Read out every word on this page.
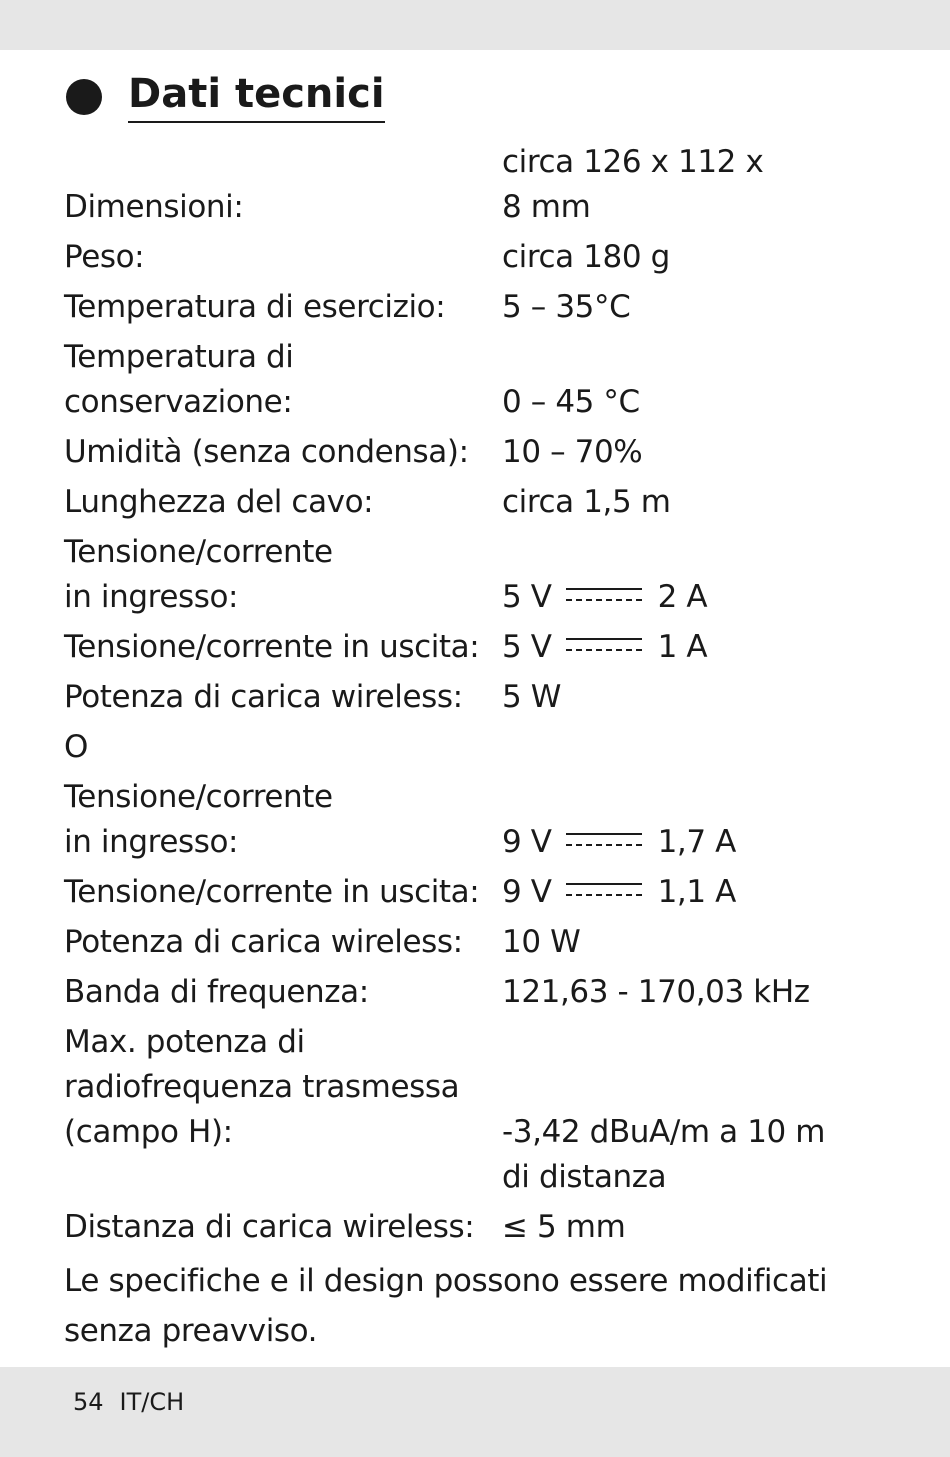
Dati tecnici
Dimensioni:
circa 126 x 112 x
8 mm
Peso:	circa 180 g
Temperatura di esercizio:	5 – 35°C
Temperatura di
conservazione:	0 – 45 °C
Umidità (senza condensa):	10 – 70%
Lunghezza del cavo:	circa 1,5 m
Tensione/corrente
in ingresso:	5 V	2 A
Tensione/corrente in uscita: 5 V	1 A
Potenza di carica wireless:	5 W
O
Tensione/corrente
in ingresso:	9 V	1,7 A
Tensione/corrente in uscita: 9 V	1,1 A
Potenza di carica wireless:	10 W
Banda di frequenza:	121,63 - 170,03 kHz
Max. potenza di
radiofrequenza trasmessa
(campo H):	-3,42 dBuA/m a 10 m
di distanza
Distanza di carica wireless: ≤ 5 mm
Le specifiche e il design possono essere modificati senza preavviso.
54 IT/CH
